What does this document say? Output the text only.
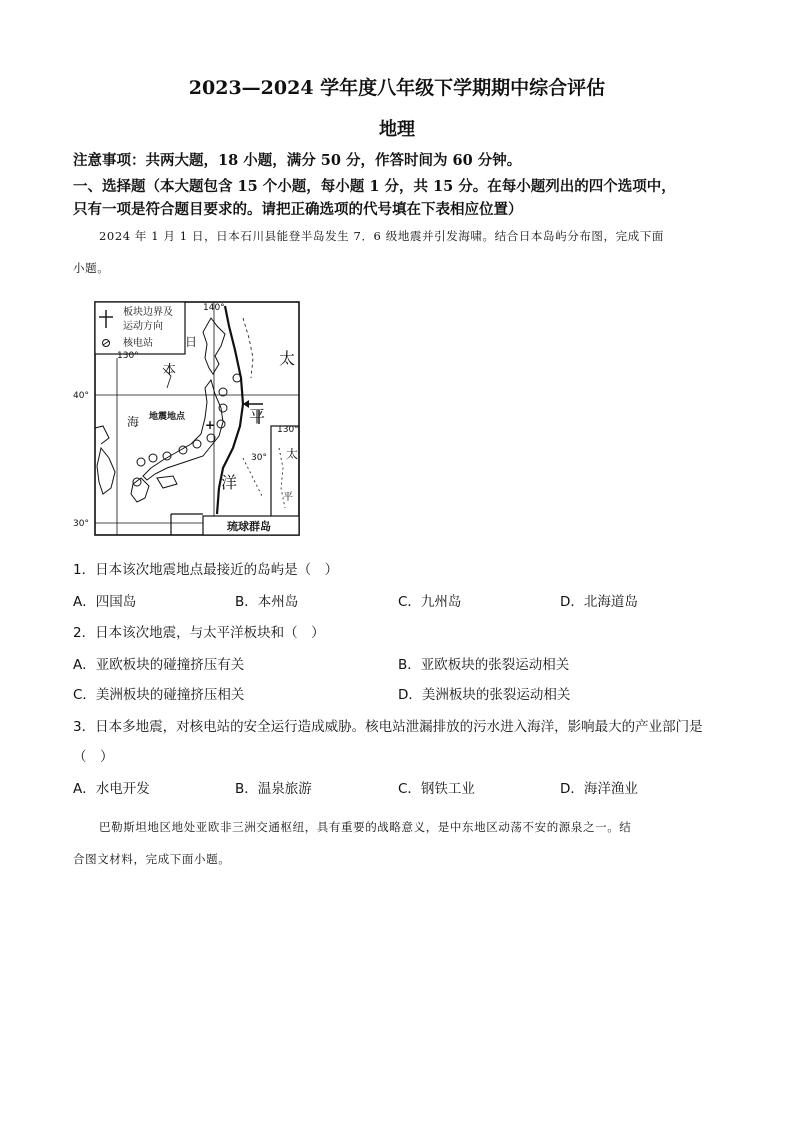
2023—2024 学年度八年级下学期期中综合评估
地理
注意事项：共两大题，18 小题，满分 50 分，作答时间为 60 分钟。
一、选择题（本大题包含 15 个小题，每小题 1 分，共 15 分。在每小题列出的四个选项中，
只有一项是符合题目要求的。请把正确选项的代号填在下表相应位置）
2024 年 1 月 1 日，日本石川县能登半岛发生 7．6 级地震并引发海啸。结合日本岛屿分布图，完成下面
小题。
板块边界及
运动方向
核电站
+
140°
130°
130°
40°
30°
30°
日
本
海 地震地点
太
平
洋
太
平
琉球群岛
1．日本该次地震地点最接近的岛屿是（　）
A．四国岛	B．本州岛	C．九州岛	D．北海道岛
2．日本该次地震，与太平洋板块和（　）
A．亚欧板块的碰撞挤压有关	B．亚欧板块的张裂运动相关
C．美洲板块的碰撞挤压相关	D．美洲板块的张裂运动相关
3．日本多地震，对核电站的安全运行造成威胁。核电站泄漏排放的污水进入海洋，影响最大的产业部门是
（　）
A．水电开发	B．温泉旅游	C．钢铁工业	D．海洋渔业
巴勒斯坦地区地处亚欧非三洲交通枢纽，具有重要的战略意义，是中东地区动荡不安的源泉之一。结
合图文材料，完成下面小题。
